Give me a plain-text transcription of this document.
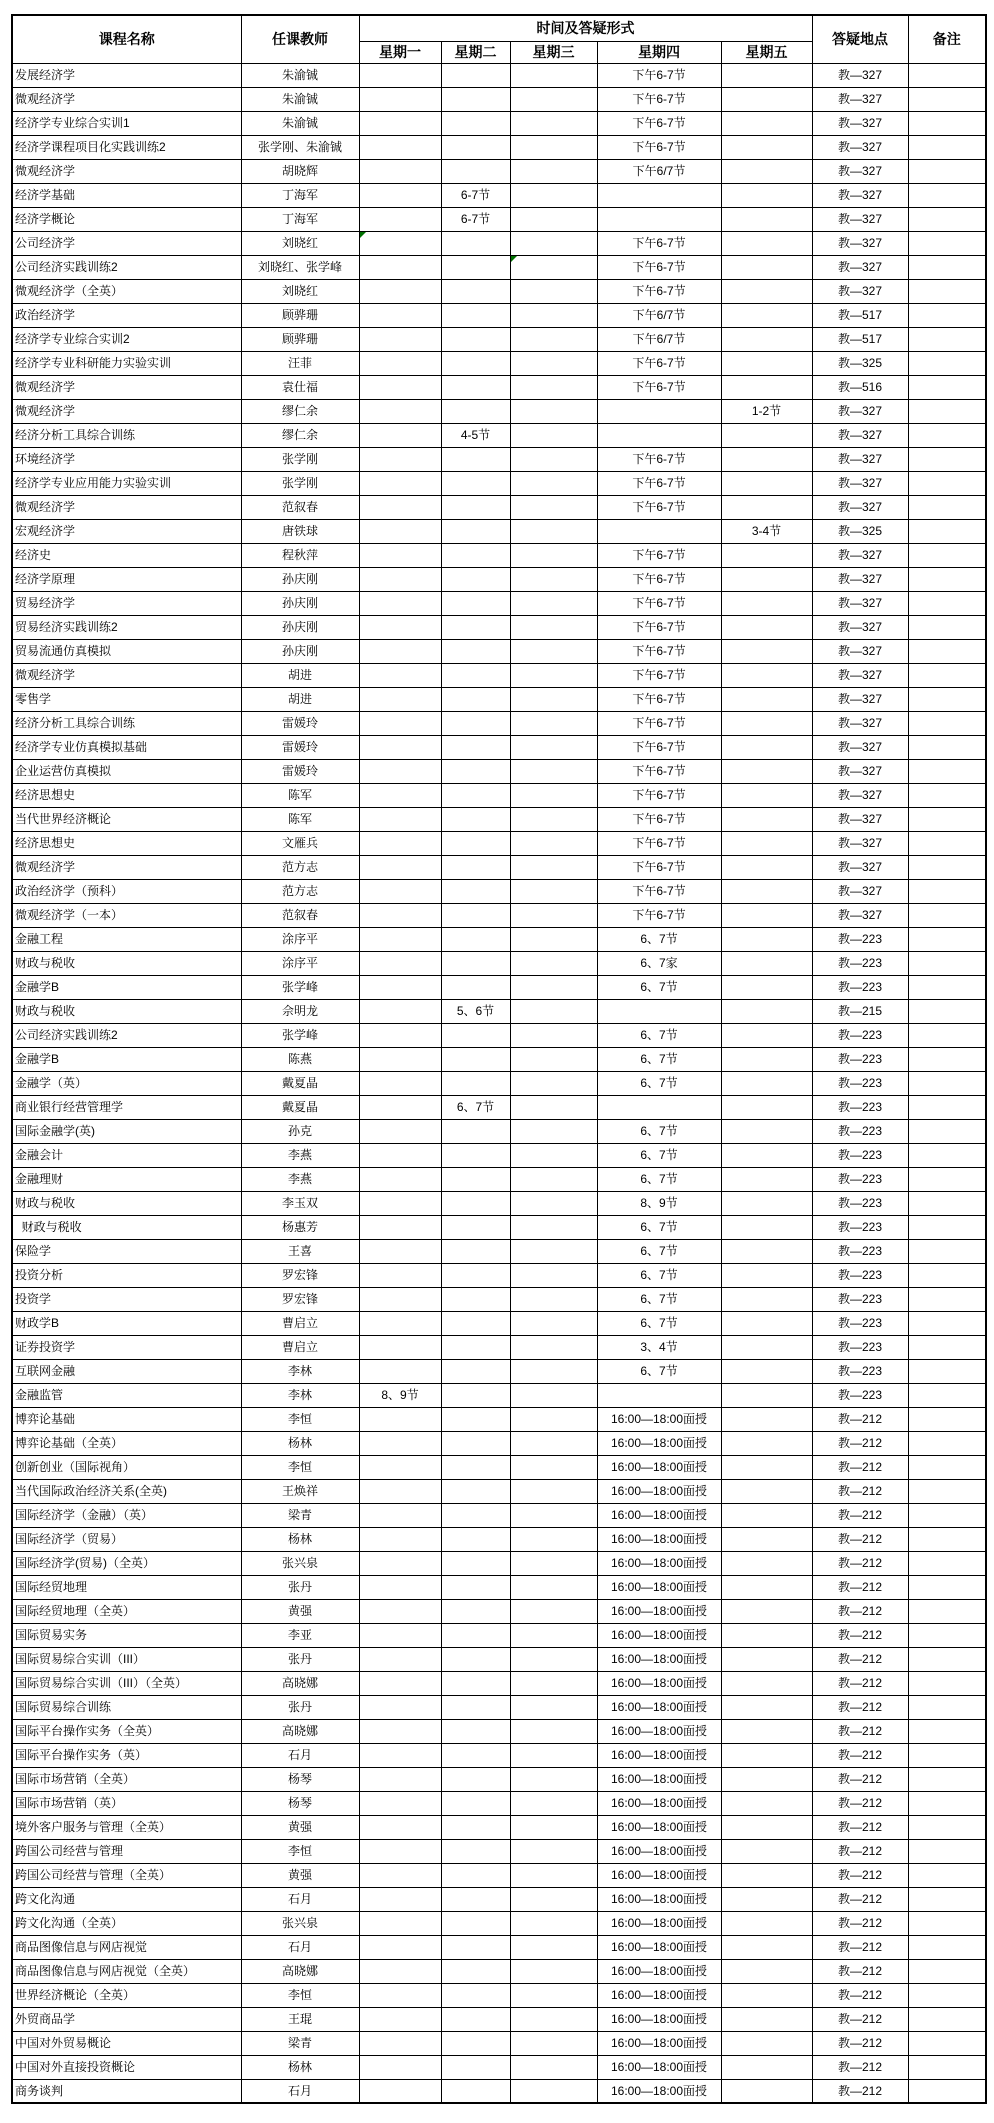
课程名称	任课教师	时间及答疑形式					答疑地点	备注
		星期一	星期二	星期三	星期四	星期五		
发展经济学	朱渝铖				下午6-7节		教—327	
微观经济学	朱渝铖				下午6-7节		教—327	
经济学专业综合实训1	朱渝铖				下午6-7节		教—327	
经济学课程项目化实践训练2	张学刚、朱渝铖				下午6-7节		教—327	
微观经济学	胡晓辉				下午6/7节		教—327	
经济学基础	丁海军		6-7节				教—327	
经济学概论	丁海军		6-7节				教—327	
公司经济学	刘晓红				下午6-7节		教—327	
公司经济实践训练2	刘晓红、张学峰				下午6-7节		教—327	
微观经济学（全英）	刘晓红				下午6-7节		教—327	
政治经济学	顾骅珊				下午6/7节		教—517	
经济学专业综合实训2	顾骅珊				下午6/7节		教—517	
经济学专业科研能力实验实训	汪菲				下午6-7节		教—325	
微观经济学	袁仕福				下午6-7节		教—516	
微观经济学	缪仁余					1-2节	教—327	
经济分析工具综合训练	缪仁余		4-5节				教—327	
环境经济学	张学刚				下午6-7节		教—327	
经济学专业应用能力实验实训	张学刚				下午6-7节		教—327	
微观经济学	范叙春				下午6-7节		教—327	
宏观经济学	唐铁球					3-4节	教—325	
经济史	程秋萍				下午6-7节		教—327	
经济学原理	孙庆刚				下午6-7节		教—327	
贸易经济学	孙庆刚				下午6-7节		教—327	
贸易经济实践训练2	孙庆刚				下午6-7节		教—327	
贸易流通仿真模拟	孙庆刚				下午6-7节		教—327	
微观经济学	胡进				下午6-7节		教—327	
零售学	胡进				下午6-7节		教—327	
经济分析工具综合训练	雷媛玲				下午6-7节		教—327	
经济学专业仿真模拟基础	雷媛玲				下午6-7节		教—327	
企业运营仿真模拟	雷媛玲				下午6-7节		教—327	
经济思想史	陈军				下午6-7节		教—327	
当代世界经济概论	陈军				下午6-7节		教—327	
经济思想史	文雁兵				下午6-7节		教—327	
微观经济学	范方志				下午6-7节		教—327	
政治经济学（预科）	范方志				下午6-7节		教—327	
微观经济学（一本）	范叙春				下午6-7节		教—327	
金融工程	涂序平				6、7节		教—223	
财政与税收	涂序平				6、7家		教—223	
金融学B	张学峰				6、7节		教—223	
财政与税收	佘明龙		5、6节				教—215	
公司经济实践训练2	张学峰				6、7节		教—223	
金融学B	陈燕				6、7节		教—223	
金融学（英）	戴夏晶				6、7节		教—223	
商业银行经营管理学	戴夏晶		6、7节				教—223	
国际金融学(英)	孙克				6、7节		教—223	
金融会计	李燕				6、7节		教—223	
金融理财	李燕				6、7节		教—223	
财政与税收	李玉双				8、9节		教—223	
财政与税收	杨惠芳				6、7节		教—223	
保险学	王喜				6、7节		教—223	
投资分析	罗宏锋				6、7节		教—223	
投资学	罗宏锋				6、7节		教—223	
财政学B	曹启立				6、7节		教—223	
证券投资学	曹启立				3、4节		教—223	
互联网金融	李林				6、7节		教—223	
金融监管	李林	8、9节					教—223	
博弈论基础	李恒				16:00—18:00面授		教—212	
博弈论基础（全英）	杨林				16:00—18:00面授		教—212	
创新创业（国际视角）	李恒				16:00—18:00面授		教—212	
当代国际政治经济关系(全英)	王焕祥				16:00—18:00面授		教—212	
国际经济学（金融）（英）	梁青				16:00—18:00面授		教—212	
国际经济学（贸易）	杨林				16:00—18:00面授		教—212	
国际经济学(贸易)（全英）	张兴泉				16:00—18:00面授		教—212	
国际经贸地理	张丹				16:00—18:00面授		教—212	
国际经贸地理（全英）	黄强				16:00—18:00面授		教—212	
国际贸易实务	李亚				16:00—18:00面授		教—212	
国际贸易综合实训（III）	张丹				16:00—18:00面授		教—212	
国际贸易综合实训（III）（全英）	高晓娜				16:00—18:00面授		教—212	
国际贸易综合训练	张丹				16:00—18:00面授		教—212	
国际平台操作实务（全英）	高晓娜				16:00—18:00面授		教—212	
国际平台操作实务（英）	石月				16:00—18:00面授		教—212	
国际市场营销（全英）	杨琴				16:00—18:00面授		教—212	
国际市场营销（英）	杨琴				16:00—18:00面授		教—212	
境外客户服务与管理（全英）	黄强				16:00—18:00面授		教—212	
跨国公司经营与管理	李恒				16:00—18:00面授		教—212	
跨国公司经营与管理（全英）	黄强				16:00—18:00面授		教—212	
跨文化沟通	石月				16:00—18:00面授		教—212	
跨文化沟通（全英）	张兴泉				16:00—18:00面授		教—212	
商品图像信息与网店视觉	石月				16:00—18:00面授		教—212	
商品图像信息与网店视觉（全英）	高晓娜				16:00—18:00面授		教—212	
世界经济概论（全英）	李恒				16:00—18:00面授		教—212	
外贸商品学	王琨				16:00—18:00面授		教—212	
中国对外贸易概论	梁青				16:00—18:00面授		教—212	
中国对外直接投资概论	杨林				16:00—18:00面授		教—212	
商务谈判	石月				16:00—18:00面授		教—212	
